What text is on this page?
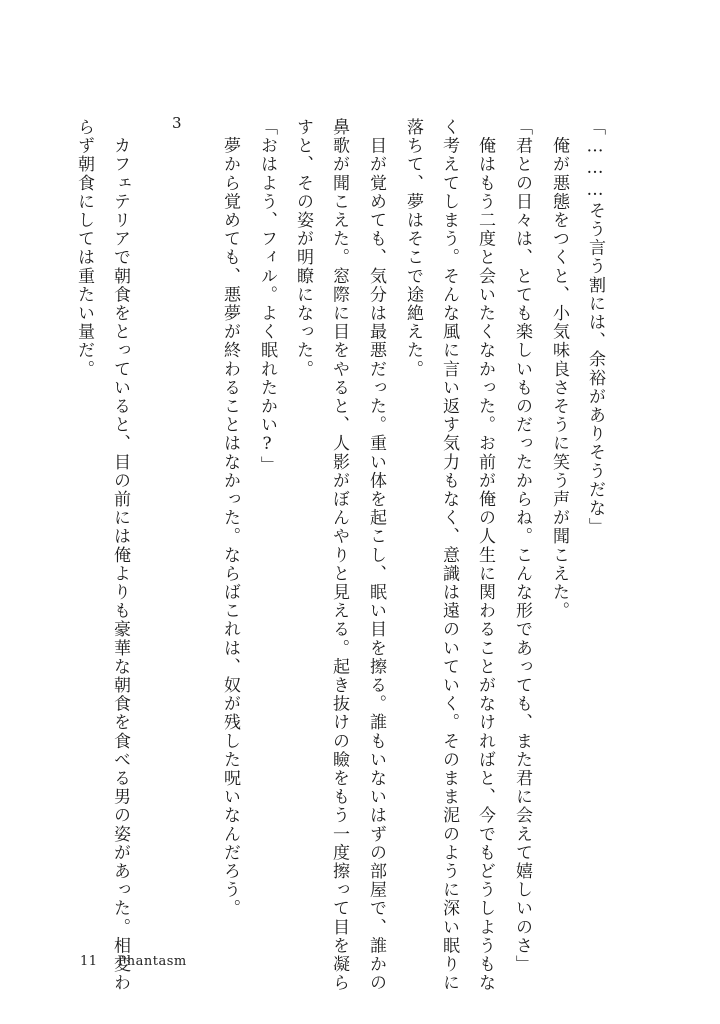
「………そう言う割には、余裕がありそうだな」
　俺が悪態をつくと、小気味良さそうに笑う声が聞こえた。
「君との日々は、とても楽しいものだったからね。こんな形であっても、また君に会えて嬉しいのさ」
　俺はもう二度と会いたくなかった。お前が俺の人生に関わることがなければと、今でもどうしようもな
く考えてしまう。そんな風に言い返す気力もなく、意識は遠のいていく。そのまま泥のように深い眠りに
落ちて、夢はそこで途絶えた。
　目が覚めても、気分は最悪だった。重い体を起こし、眠い目を擦る。誰もいないはずの部屋で、誰かの
鼻歌が聞こえた。窓際に目をやると、人影がぼんやりと見える。起き抜けの瞼をもう一度擦って目を凝ら
すと、その姿が明瞭になった。
「おはよう、フィル。よく眠れたかい?」
　夢から覚めても、悪夢が終わることはなかった。ならばこれは、奴が残した呪いなんだろう。
3
　カフェテリアで朝食をとっていると、目の前には俺よりも豪華な朝食を食べる男の姿があった。相変わ
らず朝食にしては重たい量だ。
11 Phantasm
